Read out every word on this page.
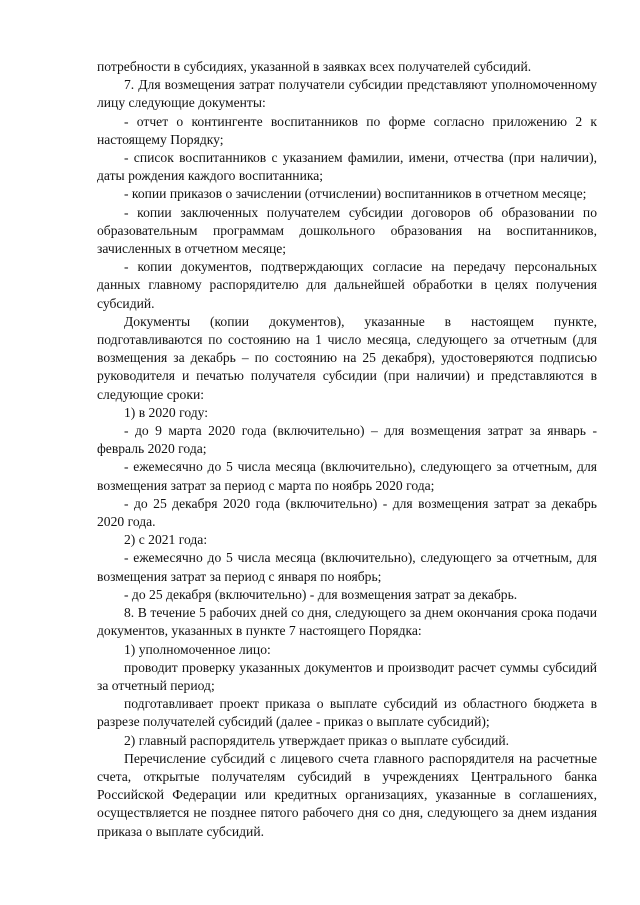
потребности в субсидиях, указанной в заявках всех получателей субсидий.

7. Для возмещения затрат получатели субсидии представляют уполномоченному лицу следующие документы:

- отчет о контингенте воспитанников по форме согласно приложению 2 к настоящему Порядку;

- список воспитанников с указанием фамилии, имени, отчества (при наличии), даты рождения каждого воспитанника;

- копии приказов о зачислении (отчислении) воспитанников в отчетном месяце;

- копии заключенных получателем субсидии договоров об образовании по образовательным программам дошкольного образования на воспитанников, зачисленных в отчетном месяце;

- копии документов, подтверждающих согласие на передачу персональных данных главному распорядителю для дальнейшей обработки в целях получения субсидий.

Документы (копии документов), указанные в настоящем пункте, подготавливаются по состоянию на 1 число месяца, следующего за отчетным (для возмещения за декабрь – по состоянию на 25 декабря), удостоверяются подписью руководителя и печатью получателя субсидии (при наличии) и представляются в следующие сроки:

1) в 2020 году:

- до 9 марта 2020 года (включительно) – для возмещения затрат за январь - февраль 2020 года;

- ежемесячно до 5 числа месяца (включительно), следующего за отчетным, для возмещения затрат за период с марта по ноябрь 2020 года;

- до 25 декабря 2020 года (включительно) - для возмещения затрат за декабрь 2020 года.

2) с 2021 года:

- ежемесячно до 5 числа месяца (включительно), следующего за отчетным, для возмещения затрат за период с января по ноябрь;

- до 25 декабря (включительно) - для возмещения затрат за декабрь.

8. В течение 5 рабочих дней со дня, следующего за днем окончания срока подачи документов, указанных в пункте 7 настоящего Порядка:

1) уполномоченное лицо:

проводит проверку указанных документов и производит расчет суммы субсидий за отчетный период;

подготавливает проект приказа о выплате субсидий из областного бюджета в разрезе получателей субсидий (далее - приказ о выплате субсидий);

2) главный распорядитель утверждает приказ о выплате субсидий.

Перечисление субсидий с лицевого счета главного распорядителя на расчетные счета, открытые получателям субсидий в учреждениях Центрального банка Российской Федерации или кредитных организациях, указанные в соглашениях, осуществляется не позднее пятого рабочего дня со дня, следующего за днем издания приказа о выплате субсидий.
